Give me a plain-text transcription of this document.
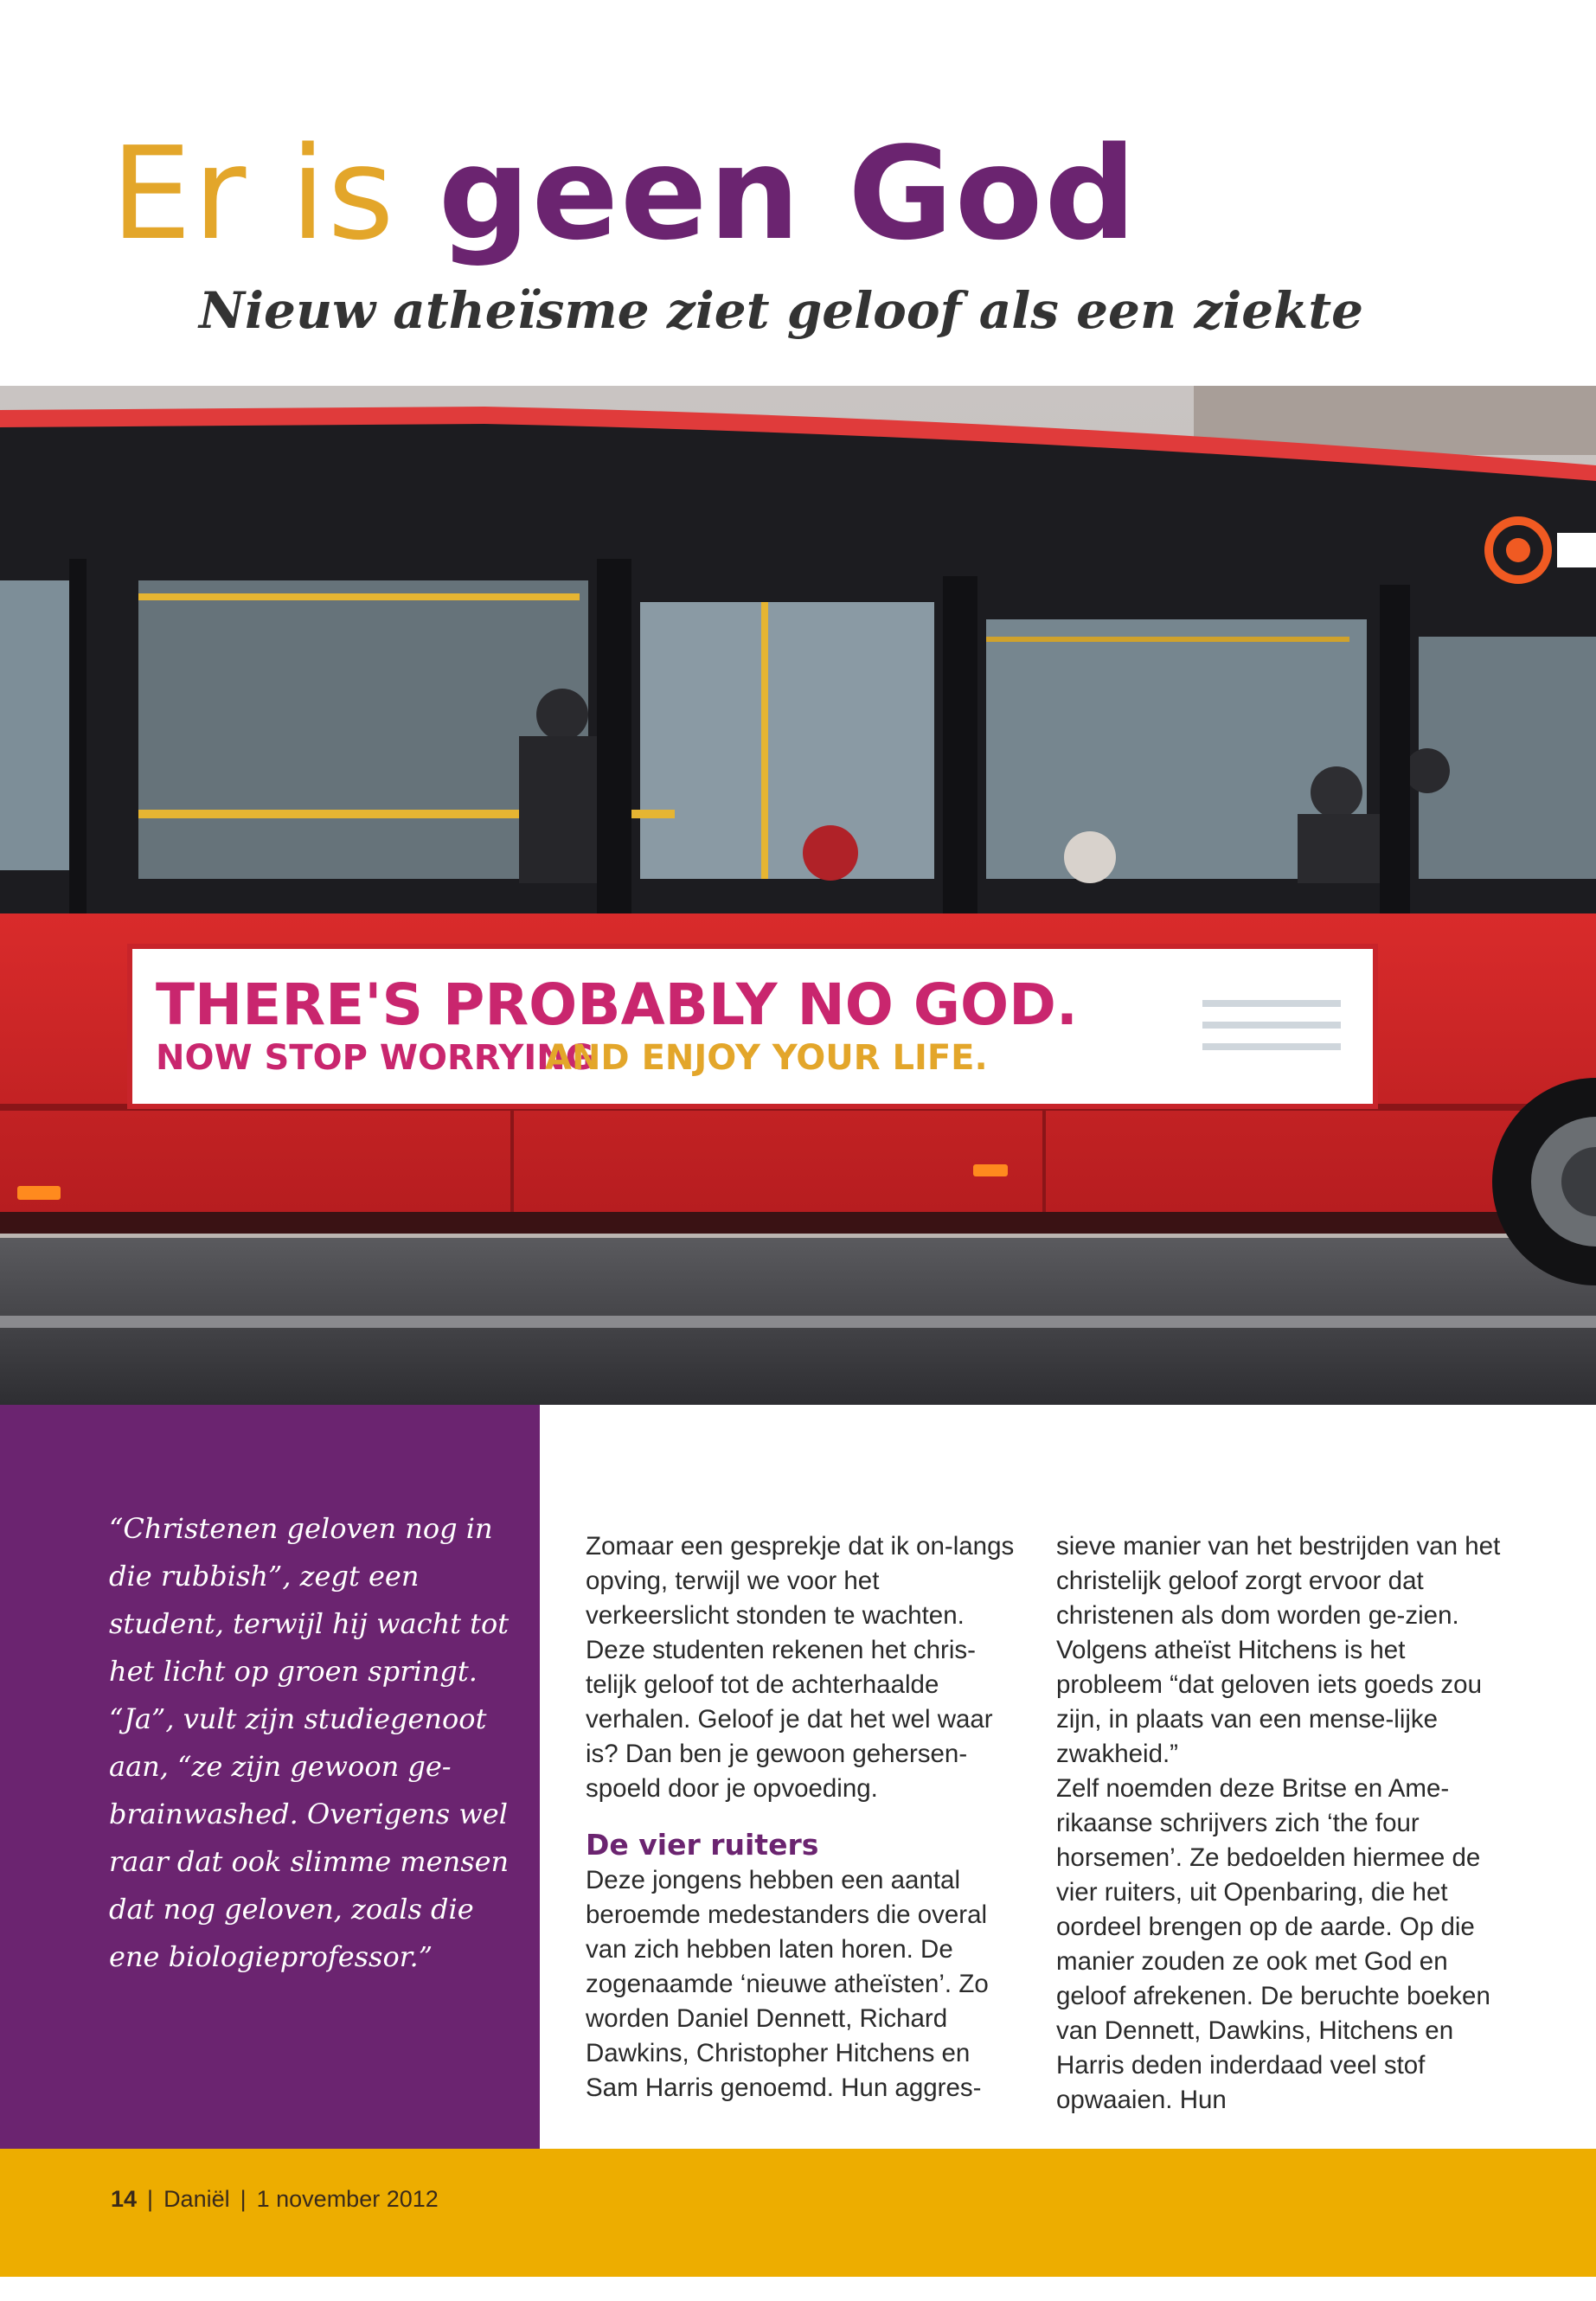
Er is geen God
Nieuw atheïsme ziet geloof als een ziekte
THERE'S PROBABLY NO GOD.
NOW STOP WORRYING
AND ENJOY YOUR LIFE.

“Christenen geloven nog in die rubbish”, zegt een student, terwijl hij wacht tot het licht op groen springt. “Ja”, vult zijn studiegenoot aan, “ze zijn gewoon ge-brainwashed. Overigens wel raar dat ook slimme mensen dat nog geloven, zoals die ene biologieprofessor.”

Zomaar een gesprekje dat ik on-langs opving, terwijl we voor het verkeerslicht stonden te wachten. Deze studenten rekenen het chris-telijk geloof tot de achterhaalde verhalen. Geloof je dat het wel waar is? Dan ben je gewoon gehersen-spoeld door je opvoeding.

De vier ruiters

Deze jongens hebben een aantal beroemde medestanders die overal van zich hebben laten horen. De zogenaamde ‘nieuwe atheïsten’. Zo worden Daniel Dennett, Richard Dawkins, Christopher Hitchens en Sam Harris genoemd. Hun aggres-

sieve manier van het bestrijden van het christelijk geloof zorgt ervoor dat christenen als dom worden ge-zien. Volgens atheïst Hitchens is het probleem “dat geloven iets goeds zou zijn, in plaats van een mense-lijke zwakheid.”

Zelf noemden deze Britse en Ame-rikaanse schrijvers zich ‘the four horsemen’. Ze bedoelden hiermee de vier ruiters, uit Openbaring, die het oordeel brengen op de aarde. Op die manier zouden ze ook met God en geloof afrekenen. De beruchte boeken van Dennett, Dawkins, Hitchens en Harris deden inderdaad veel stof opwaaien. Hun

14 | Daniël | 1 november 2012
